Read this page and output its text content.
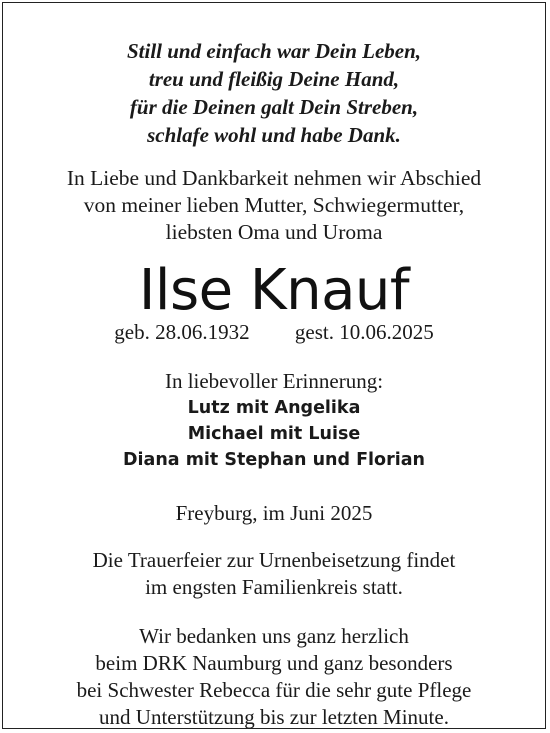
Still und einfach war Dein Leben,
treu und fleißig Deine Hand,
für die Deinen galt Dein Streben,
schlafe wohl und habe Dank.
In Liebe und Dankbarkeit nehmen wir Abschied
von meiner lieben Mutter, Schwiegermutter,
liebsten Oma und Uroma
Ilse Knauf
geb. 28.06.1932 gest. 10.06.2025
In liebevoller Erinnerung:
Lutz mit Angelika
Michael mit Luise
Diana mit Stephan und Florian
Freyburg, im Juni 2025
Die Trauerfeier zur Urnenbeisetzung findet
im engsten Familienkreis statt.
Wir bedanken uns ganz herzlich
beim DRK Naumburg und ganz besonders
bei Schwester Rebecca für die sehr gute Pflege
und Unterstützung bis zur letzten Minute.
